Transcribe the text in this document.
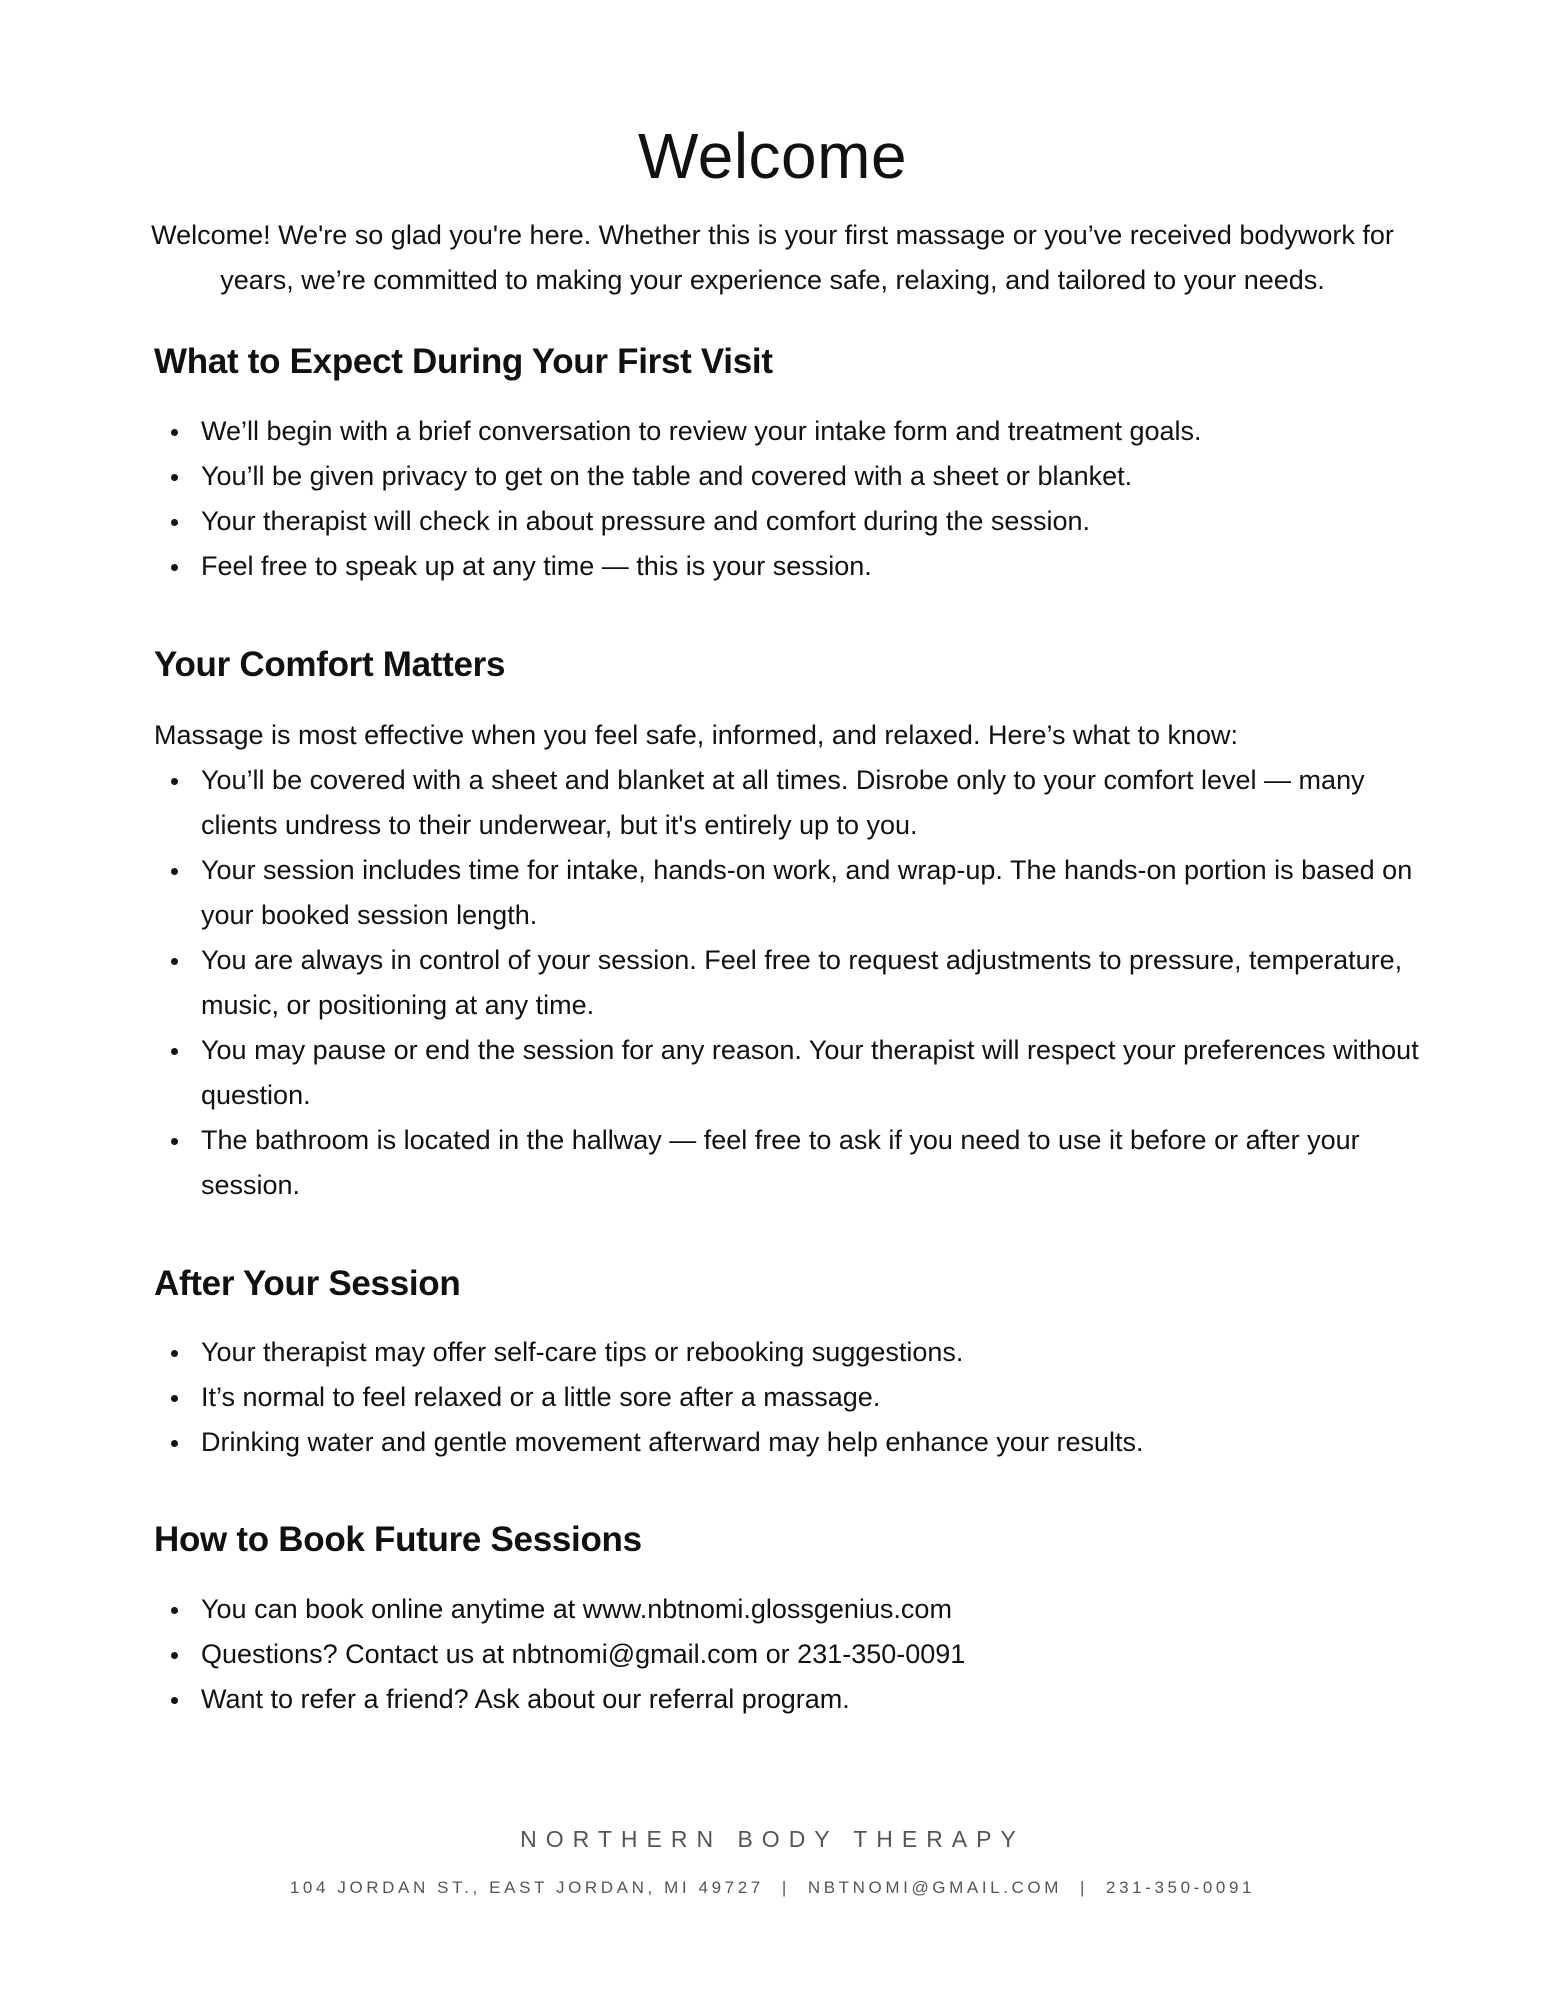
Welcome

Welcome! We're so glad you're here. Whether this is your first massage or you’ve received bodywork for years, we’re committed to making your experience safe, relaxing, and tailored to your needs.

What to Expect During Your First Visit
We’ll begin with a brief conversation to review your intake form and treatment goals.
You’ll be given privacy to get on the table and covered with a sheet or blanket.
Your therapist will check in about pressure and comfort during the session.
Feel free to speak up at any time — this is your session.
Your Comfort Matters

Massage is most effective when you feel safe, informed, and relaxed. Here’s what to know:

You’ll be covered with a sheet and blanket at all times. Disrobe only to your comfort level — many clients undress to their underwear, but it's entirely up to you.
Your session includes time for intake, hands-on work, and wrap-up. The hands-on portion is based on your booked session length.
You are always in control of your session. Feel free to request adjustments to pressure, temperature, music, or positioning at any time.
You may pause or end the session for any reason. Your therapist will respect your preferences without question.
The bathroom is located in the hallway — feel free to ask if you need to use it before or after your session.
After Your Session
Your therapist may offer self-care tips or rebooking suggestions.
It’s normal to feel relaxed or a little sore after a massage.
Drinking water and gentle movement afterward may help enhance your results.
How to Book Future Sessions
You can book online anytime at www.nbtnomi.glossgenius.com
Questions? Contact us at nbtnomi@gmail.com or 231-350-0091
Want to refer a friend? Ask about our referral program.

NORTHERN BODY THERAPY

104 JORDAN ST., EAST JORDAN, MI 49727 | NBTNOMI@GMAIL.COM | 231-350-0091
